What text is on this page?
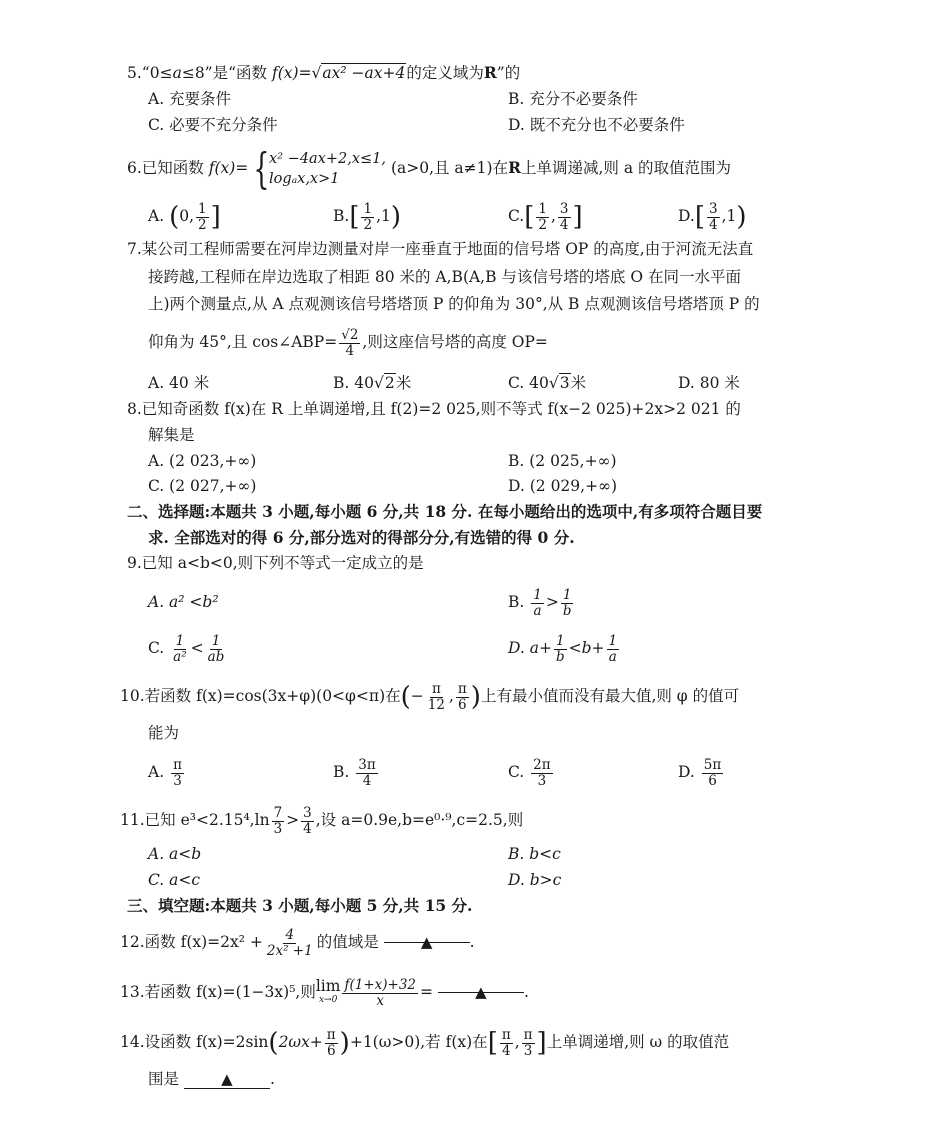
5.“0≤a≤8”是“函数 f(x)=√ax² −ax+4的定义域为R”的
A. 充要条件	B. 充分不必要条件
C. 必要不充分条件	D. 既不充分也不必要条件
6.已知函数 f(x)= { x² −4ax+2,x≤1,
logₐx,x>1
(a>0,且 a≠1)在R上单调递减,则 a 的取值范围为
A. (0, $\frac{1}{2}$ ]	$B.[ \frac{1}{2} ,1)$	$C.[ \frac{1}{2}$ , $\frac{3}{4}$ ]	$D.[ \frac{3}{4} ,1)$
7.某公司工程师需要在河岸边测量对岸一座垂直于地面的信号塔 OP 的高度,由于河流无法直
接跨越,工程师在岸边选取了相距 80 米的 A,B(A,B 与该信号塔的塔底 O 在同一水平面
上)两个测量点,从 A 点观测该信号塔塔顶 P 的仰角为 30°,从 B 点观测该信号塔塔顶 P 的
仰角为 45°,且 cos∠ABP= $\frac{√2}{4}$ ,则这座信号塔的高度 OP=
A. 40 米	B. 40√2米	C. 40√3米	D. 80 米
8.已知奇函数 f(x)在 R 上单调递增,且 f(2)=2 025,则不等式 f(x−2 025)+2x>2 021 的
解集是
A. (2 023,+∞)	B. (2 025,+∞)
C. (2 027,+∞)	D. (2 029,+∞)
二、选择题:本题共 3 小题,每小题 6 分,共 18 分. 在每小题给出的选项中,有多项符合题目要
求. 全部选对的得 6 分,部分选对的得部分分,有选错的得 0 分.
9.已知 a<b<0,则下列不等式一定成立的是
A. a² <b²	B. $\frac{1}{a} > \frac{1}{b}$
C. $\frac{1}{\text{a²}} < \frac{1}{ab}$	D. $a+ \frac{1}{b} <b+ \frac{1}{a}$
10.若函数 f(x)=cos(3x+φ)(0<φ<π)在(− $\frac{\pi}{12}$ , $\frac{\pi}{6}$ )上有最小值而没有最大值,则 φ 的值可
能为
A. $\frac{\pi}{3}$	B. $\frac{3\pi}{4}$	C. $\frac{2\pi}{3}$	D. $\frac{5\pi}{6}$
11.已知 $e^3<2.15^4,\ln \frac{7}{3} > \frac{3}{4}$ ,设 a=0.9e,b=e⁰·⁹,c=2.5,则
A. a<b	B. b<c
C. a<c	D. b>c
三、填空题:本题共 3 小题,每小题 5 分,共 15 分.
12.函数 $f(x)=2x^2 + \frac{4}{\text{2x² +1}}$ 的值域是	▲ .
13.若函数 f(x)=(1−3x)⁵,则 lim
$x\to 0 \frac{f(1+x)+32}{x}$ =	▲ .
14.设函数 $f(x)=2\sin(2\omega x+ \frac{\pi}{6} )+1(\omega>0)$,若 f(x)在[ $\frac{\pi}{4}$ , $\frac{\pi}{3}$ ]上单调递增,则 ω 的取值范
围是	▲ .
